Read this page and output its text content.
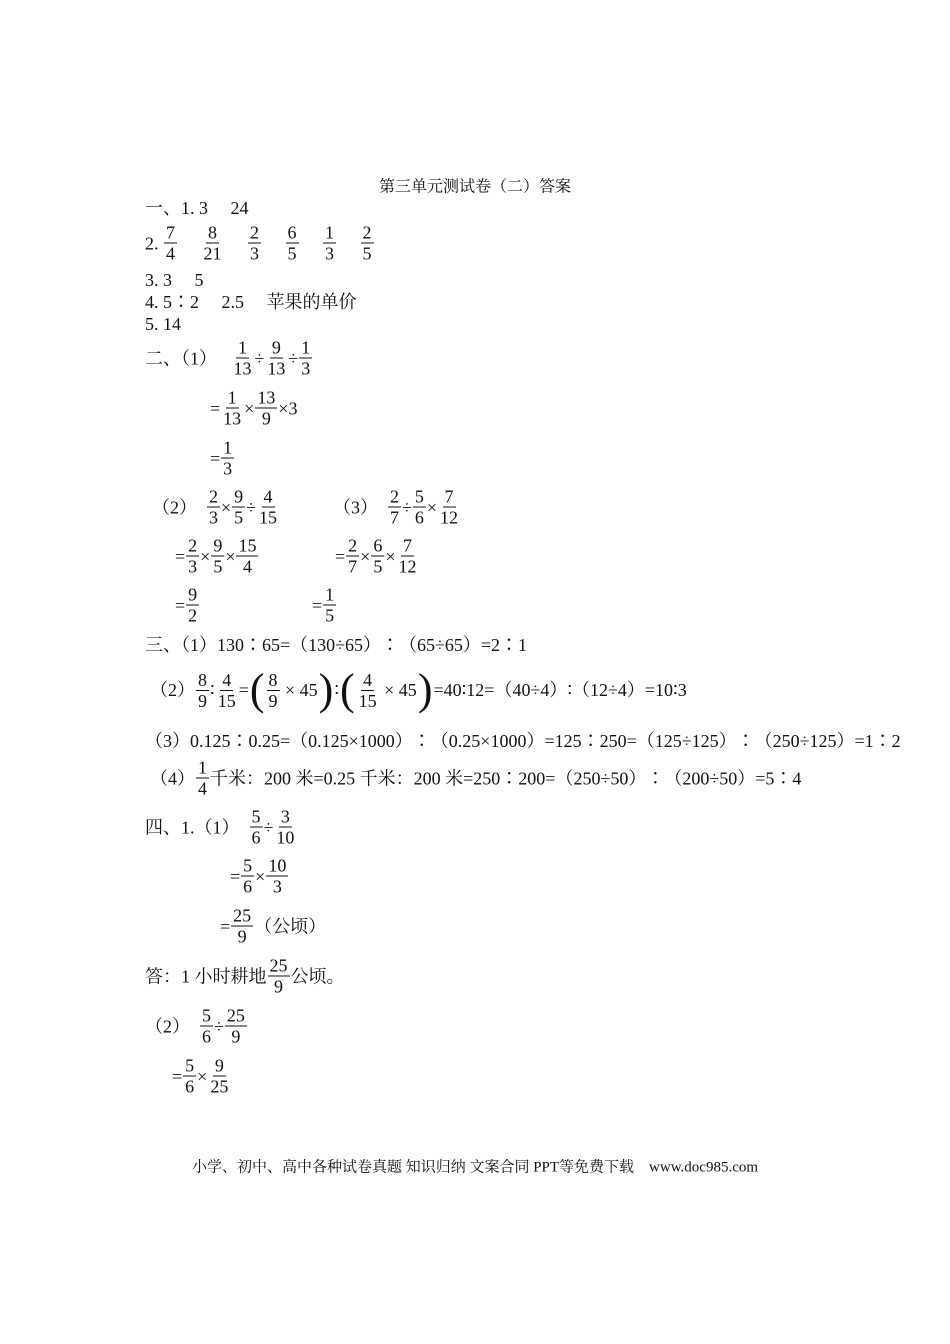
第三单元测试卷（二）答案
一、1. 3　 24
2. $\frac{7}{4}$
　 $\frac{8}{21}$
　 $\frac{2}{3}$
　 $\frac{6}{5}$
　 $\frac{1}{3}$
　 $\frac{2}{5}$
3. 3　 5
4. 5∶2　 2.5　 苹果的单价
5. 14
二、（1）　 $\frac{1}{13} \div \frac{9}{13} \div \frac{1}{3}$
= $\frac{1}{13} \times \frac{13}{9} \times 3$
= $\frac{1}{3}$
（2）　 $\frac{2}{3} \times \frac{9}{5} \div \frac{4}{15}$	（3）　 $\frac{2}{7} \div \frac{5}{6} \times \frac{7}{12}$
= $\frac{2}{3} \times \frac{9}{5} \times \frac{15}{4}$	= $\frac{2}{7} \times \frac{6}{5} \times \frac{7}{12}$
= $\frac{9}{2}$	= $\frac{1}{5}$
三、（1）130∶65=（130÷65）∶（65÷65）=2∶1
$(2) \frac{8}{9}$ ∶ $\frac{4}{15}$ = ( $\frac{8}{9} \times 45$ ) ∶ ( $\frac{4}{15} \times 45$ ) =40∶12=（40÷4）∶（12÷4）=10∶3
（3）0.125∶0.25=（0.125×1000）∶（0.25×1000）=125∶250=（125÷125）∶（250÷125）=1∶2
$(4) \frac{1}{4}$ 千米：200 米=0.25 千米：200 米=250∶200=（250÷50）∶（200÷50）=5∶4
四、1.（1）　 $\frac{5}{6} \div \frac{3}{10}$
= $\frac{5}{6} \times \frac{10}{3}$
= $\frac{25}{9}$ （公顷）
答：1 小时耕地 $\frac{25}{9}$ 公顷。
（2）　 $\frac{5}{6} \div \frac{25}{9}$
= $\frac{5}{6} \times \frac{9}{25}$
小学、初中、高中各种试卷真题 知识归纳 文案合同 PPT等免费下载　www.doc985.com
